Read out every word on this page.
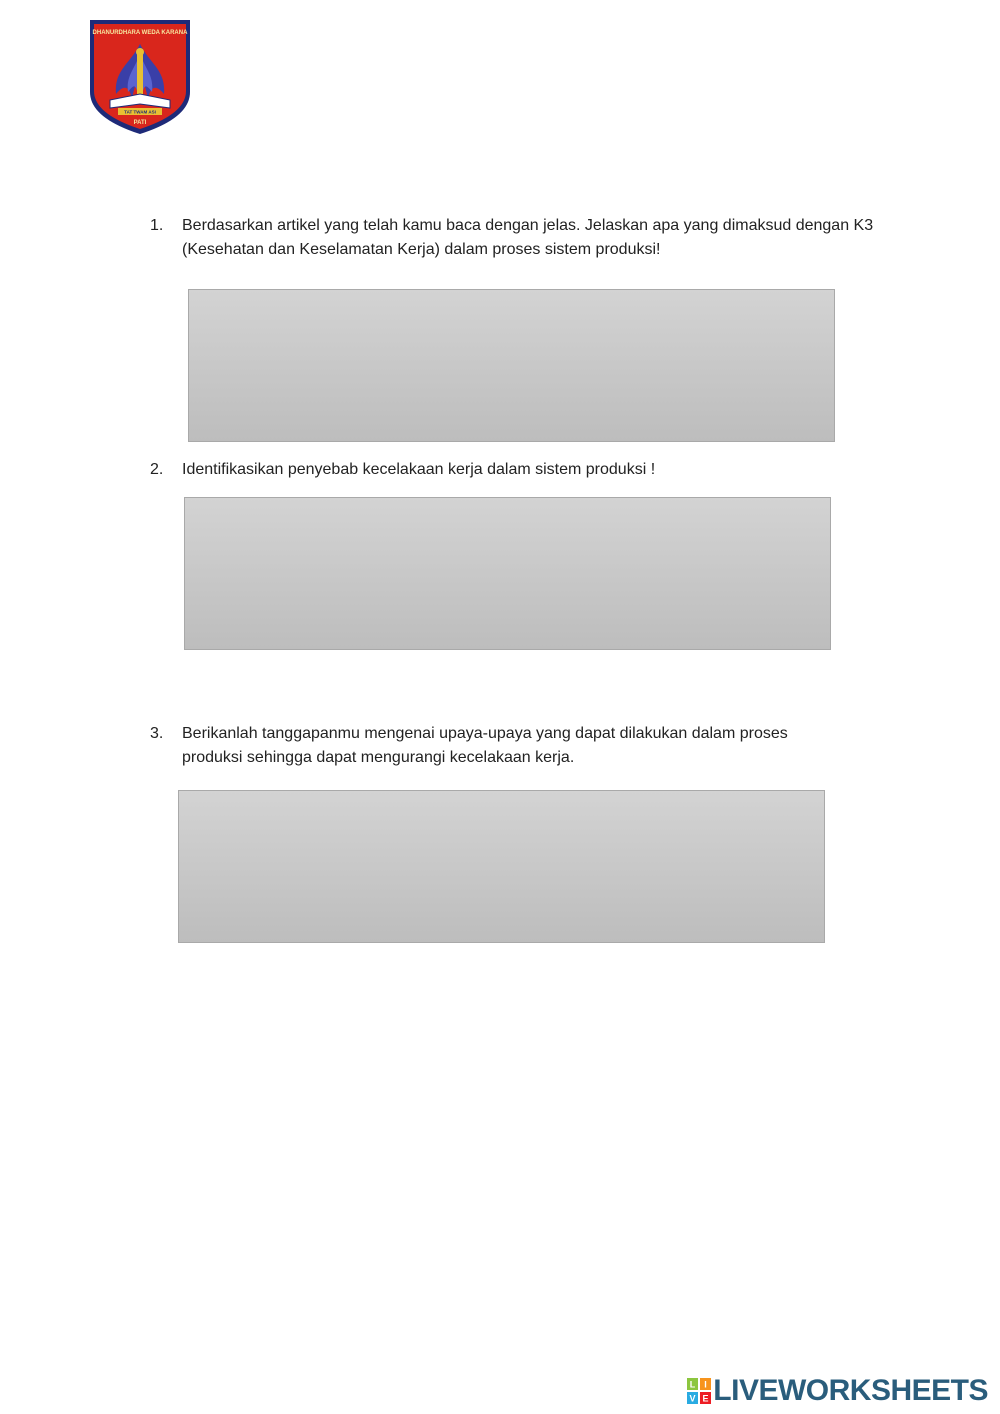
DHANURDHARA WEDA KARANA
TAT TWAM ASI
PATI
1.	Berdasarkan artikel yang telah kamu baca dengan jelas. Jelaskan apa yang dimaksud dengan K3 (Kesehatan dan Keselamatan Kerja) dalam proses sistem produksi!
2.	Identifikasikan penyebab kecelakaan kerja dalam sistem produksi !
3.	Berikanlah tanggapanmu mengenai upaya-upaya yang dapat dilakukan dalam proses produksi sehingga dapat mengurangi kecelakaan kerja.
L I
V E LIVEWORKSHEETS
